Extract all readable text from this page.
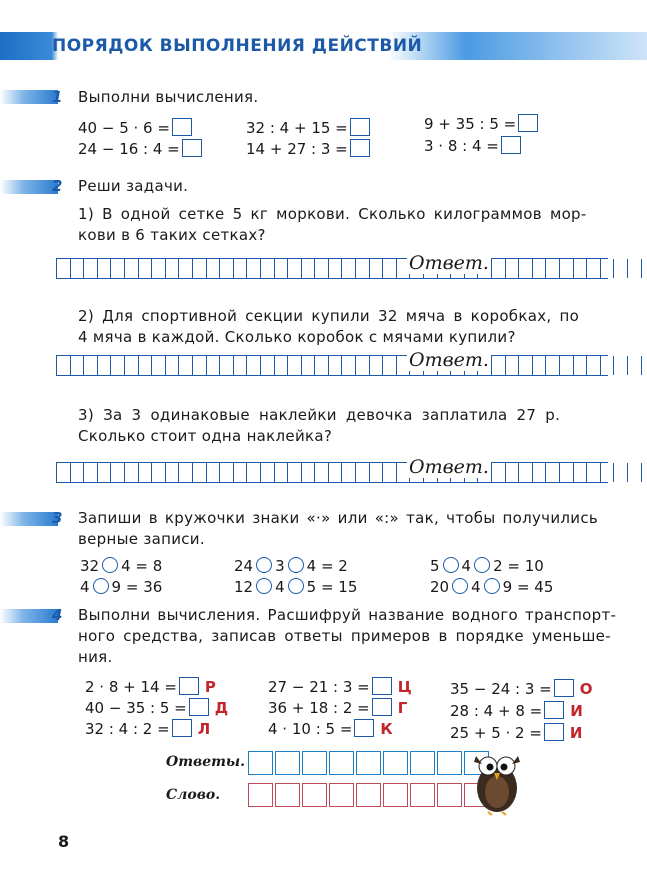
ПОРЯДОК ВЫПОЛНЕНИЯ ДЕЙСТВИЙ
1 Выполни вычисления.
40 − 5 · 6 =
24 − 16 : 4 =
32 : 4 + 15 =
14 + 27 : 3 =
9 + 35 : 5 =
3 · 8 : 4 =
2 Реши задачи.
1) В одной сетке 5 кг моркови. Сколько килограммов мор-
кови в 6 таких сетках?
Ответ.
2) Для спортивной секции купили 32 мяча в коробках, по
4 мяча в каждой. Сколько коробок с мячами купили?
Ответ.
3) За 3 одинаковые наклейки девочка заплатила 27 р.
Сколько стоит одна наклейка?
Ответ.
3 Запиши в кружочки знаки «·» или «:» так, чтобы получились
верные записи.
32 4 = 8
4 9 = 36
24 3 4 = 2
12 4 5 = 15
5 4 2 = 10
20 4 9 = 45
4 Выполни вычисления. Расшифруй название водного транспорт-
ного средства, записав ответы примеров в порядке уменьше-
ния.
2 · 8 + 14 = Р
40 − 35 : 5 = Д
32 : 4 : 2 = Л
27 − 21 : 3 = Ц
36 + 18 : 2 = Г
4 · 10 : 5 = К
35 − 24 : 3 = О
28 : 4 + 8 = И
25 + 5 · 2 = И
Ответы.
Слово.
8
